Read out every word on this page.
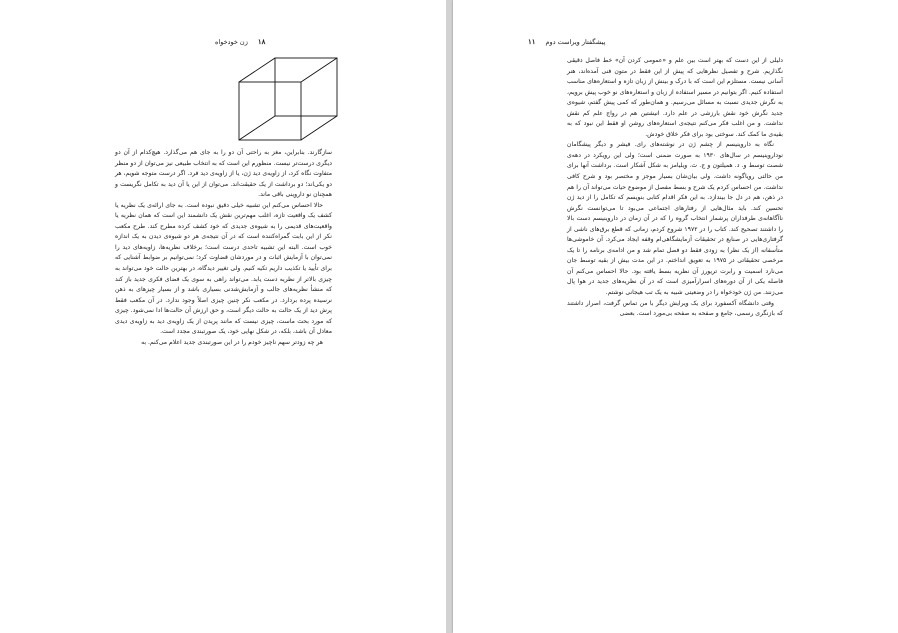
۱۸
زن خودخواه

سازگارند. بنابراین، مغز به راحتی آن دو را به جای هم می‌گذارد. هیچ‌کدام از آن دو دیگری درست‌تر نیست. منظورم این است که به انتخاب طبیعی نیز می‌توان از دو منظر متفاوت نگاه کرد، از زاویه‌ی دید ژن، یا از زاویه‌ی دید فرد. اگر درست متوجه شویم، هر دو یکی‌اند؛ دو برداشت از یک حقیقت‌اند. می‌توان از این یا آن دید به تکامل نگریست و همچنان نو داروینی باقی ماند.

حالا احساس می‌کنم این تشبیه خیلی دقیق نبوده است. به جای ارائه‌ی یک نظریه یا کشف یک واقعیت تازه، اغلب مهم‌ترین نقش یک دانشمند این است که همان نظریه یا واقعیت‌های قدیمی را به شیوه‌ی جدیدی که خود کشف کرده مطرح کند. طرح مکعب نکر از این بابت گمراه‌کننده است که در آن نتیجه‌ی هر دو شیوه‌ی دیدن به یک اندازه خوب است. البته این تشبیه تاحدی درست است؛ برخلاف نظریه‌ها، زاویه‌های دید را نمی‌توان با آزمایش اثبات و در موردشان قضاوت کرد؛ نمی‌توانیم بر ضوابط آشنایی که برای تأیید یا تکذیب داریم تکیه کنیم. ولی تغییر دیدگاه، در بهترین حالت خود می‌تواند به چیزی بالاتر از نظریه دست یابد. می‌تواند راهی به سوی یک فضای فکری جدید باز کند که منشأ نظریه‌های جالب و آزمایش‌شدنی بسیاری باشد و از بسیار چیزهای به ذهن نرسیده پرده بردارد. در مکعب نکر چنین چیزی اصلاً وجود ندارد. در آن مکعب فقط پرش دید از یک حالت به حالت دیگر است، و حق ارزش آن حالت‌ها ادا نمی‌شود. چیزی که مورد بحث ماست، چیزی نیست که مانند پریدن از یک زاویه‌ی دید به زاویه‌ی دیدی معادل آن باشد، بلکه، در شکل نهایی خود، یک صورتبندی مجدد است.

هر چه زودتر سهم ناچیز خودم را در این صورتبندی جدید اعلام می‌کنم. به

دلیلی از این دست که بهتر است بین علم و «عمومی کردن آن» خط فاصل دقیقی نگذاریم. شرح و تفصیل نظرهایی که پیش از این فقط در متون فنی آمده‌اند، هنر آسانی نیست. مستلزم این است که با درک و بینش از زبان تازه و استعاره‌های مناسب استفاده کنیم. اگر بتوانیم در مسیر استفاده از زبان و استعاره‌های نو خوب پیش برویم، به نگرش جدیدی نسبت به مسائل می‌رسیم. و همان‌طور که کمی پیش گفتم، شیوه‌ی جدید نگرش خود نقش بارزشی در علم دارد. انیشتین هم در رواج علم کم نقش نداشت. و من اغلب فکر می‌کنم نتیجه‌ی استعاره‌های روشن او فقط این نبود که به بقیه‌ی ما کمک کند. سوختی بود برای فکر خلاق خودش.

نگاه به داروینیسم از چشم ژن در نوشته‌های رای. فیشر و دیگر پیشگامان نوداروینیسم در سال‌های ۱۹۳۰ به صورت ضمنی است؛ ولی این رویکرد در دهه‌ی شصت توسط و. د. همیلتون و ج. ث. ویلیامز به شکل آشکار است. برداشت آنها برای من حالتی رویاگونه داشت. ولی بیان‌شان بسیار موجز و مختصر بود و شرح کافی نداشت. من احساس کردم یک شرح و بسط مفصل از موضوع حیات می‌تواند آن را هم در ذهن، هم در دل جا بیندازد. به این فکر اقدام کتابی بنویسم که تکامل را از دید ژن تحسین کند. باید مثال‌هایی از رفتارهای اجتماعی می‌بود تا می‌توانست نگرش ناآگاهانه‌ی طرفداران پرشمار انتخاب گروه را که در آن زمان در داروینیسم دست بالا را داشتند تصحیح کند. کتاب را در ۱۹۷۲ شروع کردم، زمانی که قطع برق‌های ناشی از گرفتاری‌هایی در صنایع در تحقیقات آزمایشگاهی‌ام وقفه ایجاد می‌کرد. آن خاموشی‌ها متأسفانه (از یک نظر) به زودی فقط دو فصل تمام شد و من ادامه‌ی برنامه را تا یک مرخصی تحقیقاتی در ۱۹۷۵ به تعویق انداختم. در این مدت بیش از بقیه توسط جان می‌نارد اسمیت و رابرت تریورز آن نظریه بسط یافته بود. حالا احساس می‌کنم آن فاصله یکی از آن دوره‌های اسرارآمیزی است که در آن نظریه‌های جدید در هوا پال می‌زنند. من ژن خودخواه را در وضعیتی شبیه به یک تب هیجانی نوشتم.

وقتی دانشگاه آکسفورد برای یک ویرایش دیگر با من تماس گرفت، اصرار داشتند که بازنگری رسمی، جامع و صفحه به صفحه بی‌مورد است. بعضی

پیشگفتار ویراست دوم
۱۱
